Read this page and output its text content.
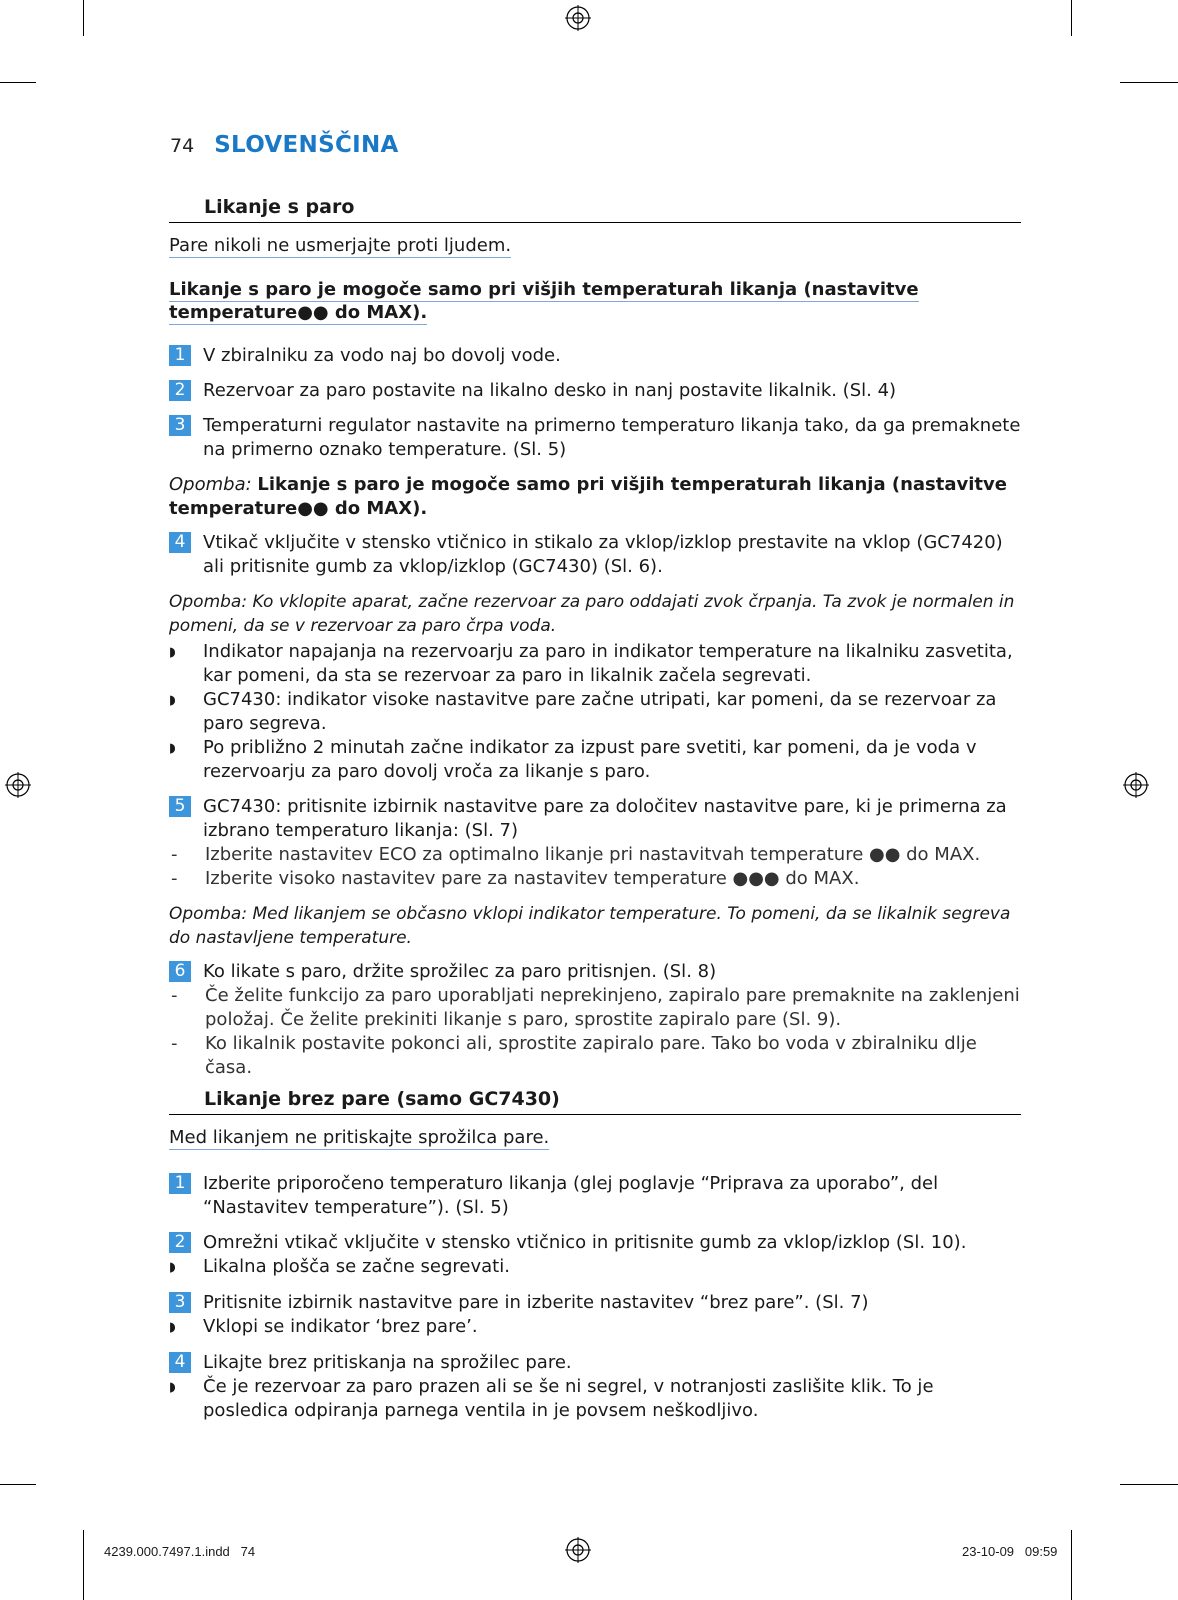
74 SLOVENŠČINA
Likanje s paro
Pare nikoli ne usmerjajte proti ljudem.
Likanje s paro je mogoče samo pri višjih temperaturah likanja (nastavitve
temperature●● do MAX).
1 V zbiralniku za vodo naj bo dovolj vode.
2 Rezervoar za paro postavite na likalno desko in nanj postavite likalnik. (Sl. 4)
3 Temperaturni regulator nastavite na primerno temperaturo likanja tako, da ga premaknete na primerno oznako temperature. (Sl. 5)
Opomba: Likanje s paro je mogoče samo pri višjih temperaturah likanja (nastavitve temperature●● do MAX).
4 Vtikač vključite v stensko vtičnico in stikalo za vklop/izklop prestavite na vklop (GC7420) ali pritisnite gumb za vklop/izklop (GC7430) (Sl. 6).
Opomba: Ko vklopite aparat, začne rezervoar za paro oddajati zvok črpanja. Ta zvok je normalen in pomeni, da se v rezervoar za paro črpa voda.
◗	Indikator napajanja na rezervoarju za paro in indikator temperature na likalniku zasvetita, kar pomeni, da sta se rezervoar za paro in likalnik začela segrevati.
◗	GC7430: indikator visoke nastavitve pare začne utripati, kar pomeni, da se rezervoar za paro segreva.
◗	Po približno 2 minutah začne indikator za izpust pare svetiti, kar pomeni, da je voda v rezervoarju za paro dovolj vroča za likanje s paro.
5 GC7430: pritisnite izbirnik nastavitve pare za določitev nastavitve pare, ki je primerna za izbrano temperaturo likanja: (Sl. 7)
-	Izberite nastavitev ECO za optimalno likanje pri nastavitvah temperature ●● do MAX.
-	Izberite visoko nastavitev pare za nastavitev temperature ●●● do MAX.
Opomba: Med likanjem se občasno vklopi indikator temperature. To pomeni, da se likalnik segreva do nastavljene temperature.
6 Ko likate s paro, držite sprožilec za paro pritisnjen. (Sl. 8)
-	Če želite funkcijo za paro uporabljati neprekinjeno, zapiralo pare premaknite na zaklenjeni položaj. Če želite prekiniti likanje s paro, sprostite zapiralo pare (Sl. 9).
-	Ko likalnik postavite pokonci ali, sprostite zapiralo pare. Tako bo voda v zbiralniku dlje časa.
Likanje brez pare (samo GC7430)
Med likanjem ne pritiskajte sprožilca pare.
1 Izberite priporočeno temperaturo likanja (glej poglavje “Priprava za uporabo”, del “Nastavitev temperature”). (Sl. 5)
2 Omrežni vtikač vključite v stensko vtičnico in pritisnite gumb za vklop/izklop (Sl. 10).
◗	Likalna plošča se začne segrevati.
3 Pritisnite izbirnik nastavitve pare in izberite nastavitev “brez pare”. (Sl. 7)
◗	Vklopi se indikator ‘brez pare’.
4 Likajte brez pritiskanja na sprožilec pare.
◗	Če je rezervoar za paro prazen ali se še ni segrel, v notranjosti zaslišite klik. To je posledica odpiranja parnega ventila in je povsem neškodljivo.
4239.000.7497.1.indd   74	23-10-09   09:59
